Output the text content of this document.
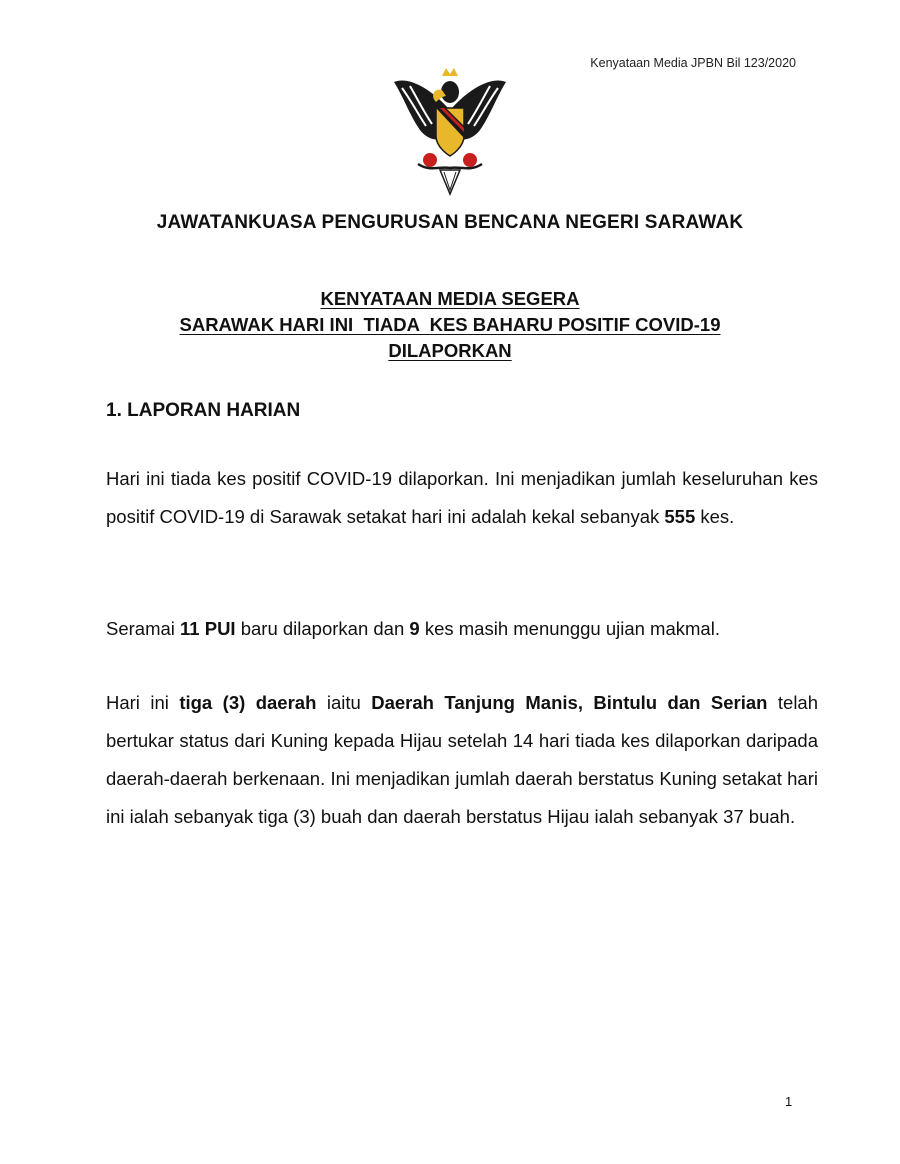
Kenyataan Media JPBN Bil 123/2020
JAWATANKUASA PENGURUSAN BENCANA NEGERI SARAWAK
KENYATAAN MEDIA SEGERA
SARAWAK HARI INI  TIADA  KES BAHARU POSITIF COVID-19
DILAPORKAN
1. LAPORAN HARIAN
Hari ini tiada kes positif COVID-19 dilaporkan. Ini menjadikan jumlah keseluruhan kes positif COVID-19 di Sarawak setakat hari ini adalah kekal sebanyak 555 kes.
Seramai 11 PUI baru dilaporkan dan 9 kes masih menunggu ujian makmal.
Hari ini tiga (3) daerah iaitu Daerah Tanjung Manis, Bintulu dan Serian telah bertukar status dari Kuning kepada Hijau setelah 14 hari tiada kes dilaporkan daripada daerah-daerah berkenaan. Ini menjadikan jumlah daerah berstatus Kuning setakat hari ini ialah sebanyak tiga (3) buah dan daerah berstatus Hijau ialah sebanyak 37 buah.
1
